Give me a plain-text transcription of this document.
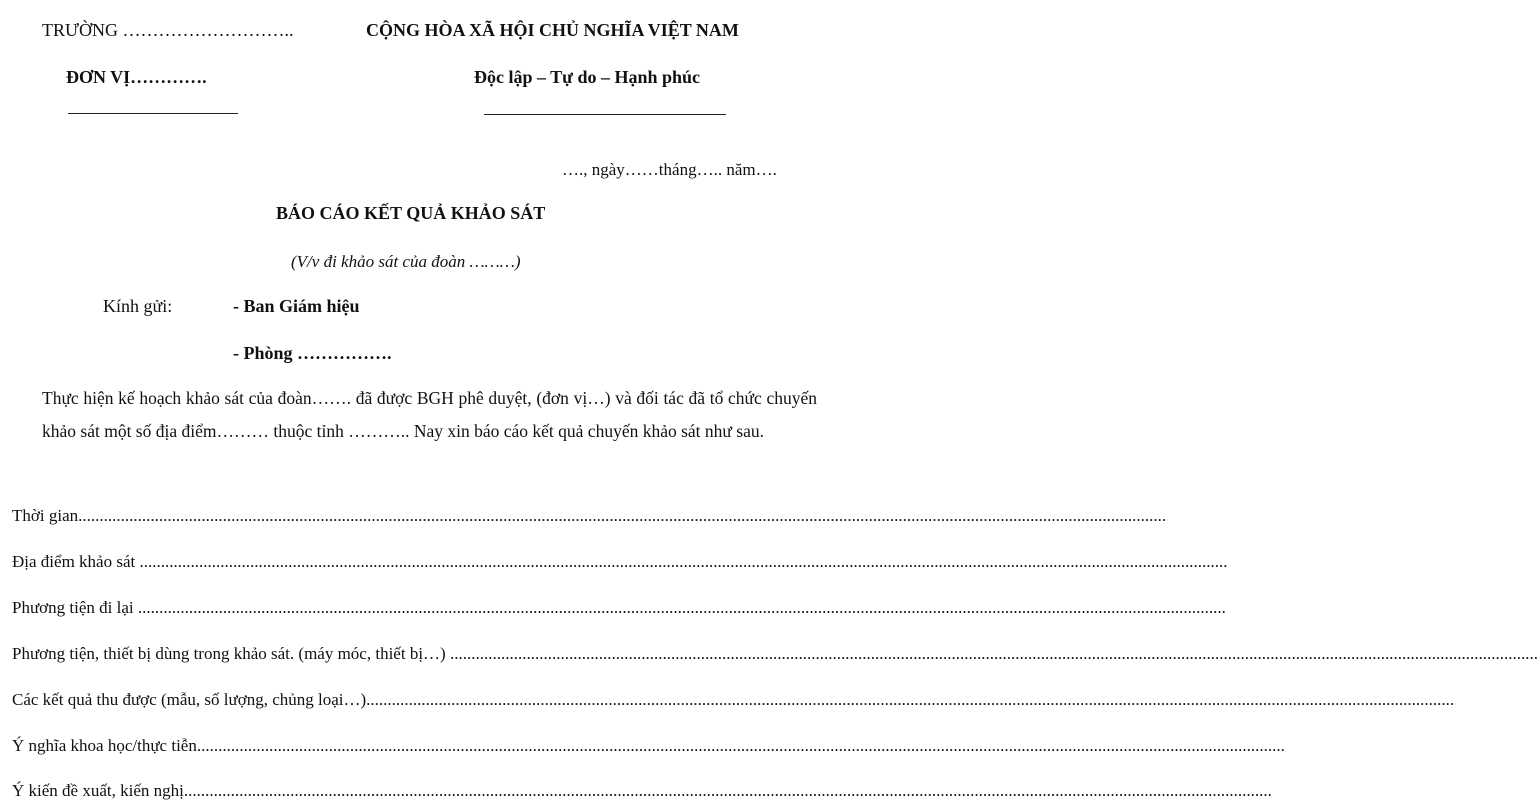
TRƯỜNG ………………………..
ĐƠN VỊ………….
CỘNG HÒA XÃ HỘI CHỦ NGHĨA VIỆT NAM
Độc lập – Tự do – Hạnh phúc
…., ngày……tháng….. năm….
BÁO CÁO KẾT QUẢ KHẢO SÁT
(V/v đi khảo sát của đoàn ………)
Kính gửi:	- Ban Giám hiệu
- Phòng …………….
Thực hiện kế hoạch khảo sát của đoàn……. đã được BGH phê duyệt, (đơn vị…) và đối tác đã tổ chức chuyến khảo sát một số địa điểm……… thuộc tỉnh ……….. Nay xin báo cáo kết quả chuyến khảo sát như sau.
Thời gian................................................................................................................................................................................................................................................................
Địa điểm khảo sát ................................................................................................................................................................................................................................................................
Phương tiện đi lại ................................................................................................................................................................................................................................................................
Phương tiện, thiết bị dùng trong khảo sát. (máy móc, thiết bị…) ................................................................................................................................................................................................................................................................
Các kết quả thu được (mẫu, số lượng, chủng loại…)................................................................................................................................................................................................................................................................
Ý nghĩa khoa học/thực tiễn................................................................................................................................................................................................................................................................
Ý kiến đề xuất, kiến nghị................................................................................................................................................................................................................................................................
